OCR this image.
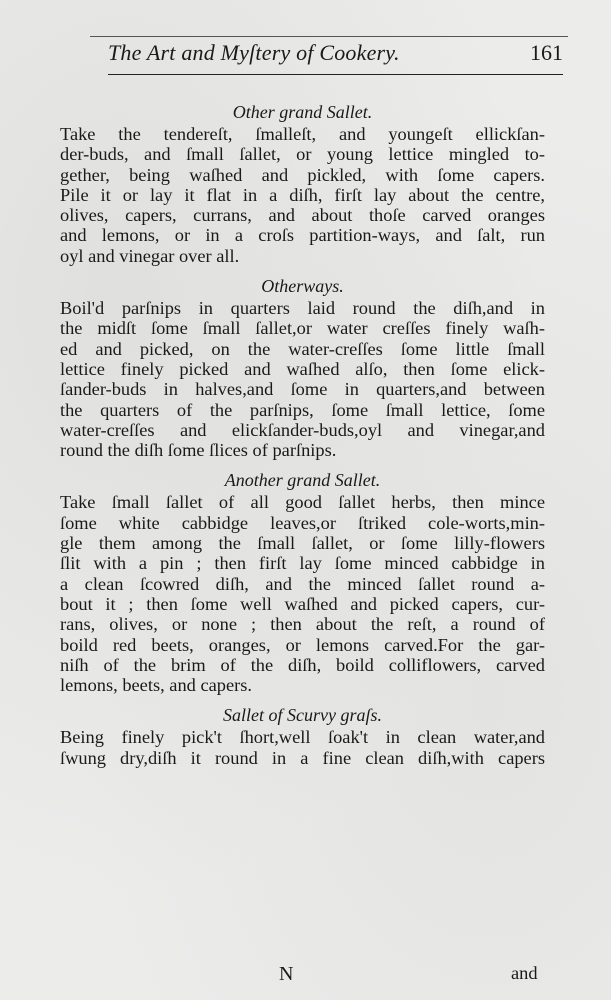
The Art and Myſtery of Cookery.	161

Other grand Sallet.

Take the tendereſt, ſmalleſt, and youngeſt ellickſan-
der-buds, and ſmall ſallet, or young lettice mingled to-
gether, being waſhed and pickled, with ſome capers.
Pile it or lay it flat in a diſh, firſt lay about the centre,
olives, capers, currans, and about thoſe carved oranges
and lemons, or in a croſs partition-ways, and ſalt, run
oyl and vinegar over all.

Otherways.

Boil'd parſnips in quarters laid round the diſh,and in
the midſt ſome ſmall ſallet,or water creſſes finely waſh-
ed and picked, on the water-creſſes ſome little ſmall
lettice finely picked and waſhed alſo, then ſome elick-
ſander-buds in halves,and ſome in quarters,and between
the quarters of the parſnips, ſome ſmall lettice, ſome
water-creſſes and elickſander-buds,oyl and vinegar,and
round the diſh ſome ſlices of parſnips.

Another grand Sallet.

Take ſmall ſallet of all good ſallet herbs, then mince
ſome white cabbidge leaves,or ſtriked cole-worts,min-
gle them among the ſmall ſallet, or ſome lilly-flowers
ſlit with a pin ; then firſt lay ſome minced cabbidge in
a clean ſcowred diſh, and the minced ſallet round a-
bout it ; then ſome well waſhed and picked capers, cur-
rans, olives, or none ; then about the reſt, a round of
boild red beets, oranges, or lemons carved.For the gar-
niſh of the brim of the diſh, boild colliflowers, carved
lemons, beets, and capers.

Sallet of Scurvy graſs.

Being finely pick't ſhort,well ſoak't in clean water,and
ſwung dry,diſh it round in a fine clean diſh,with capers
N	and
